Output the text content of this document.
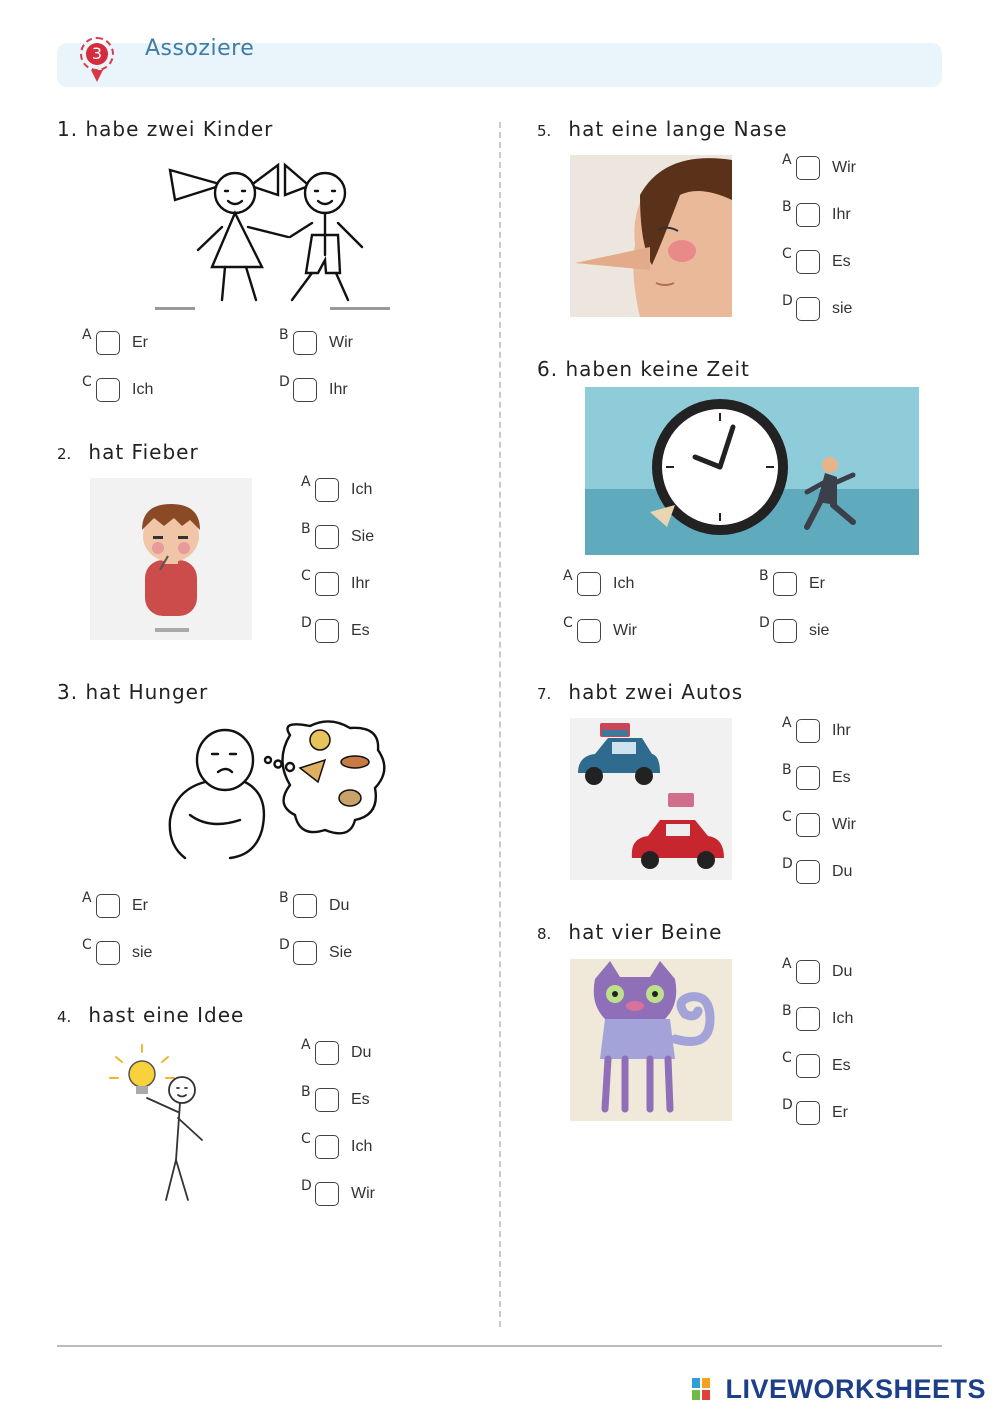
3 Assoziere
1. habe zwei Kinder
A	Er	B	Wir
C	Ich	D Ihr
2. hat Fieber
A	Ich
B	Sie
C	Ihr
D Es
3. hat Hunger
A	Er	B	Du
C	sie	D Sie
4. hast eine Idee
A	Du
B	Es
C	Ich
D Wir
5. hat eine lange Nase
A	Wir
B	Ihr
C	Es
D sie
6. haben keine Zeit
A	Ich	B	Er
C	Wir	D sie
7. habt zwei Autos
A	Ihr
B	Es
C	Wir
D Du
8. hat vier Beine
A	Du
B	Ich
C	Es
D Er
LIVEWORKSHEETS
